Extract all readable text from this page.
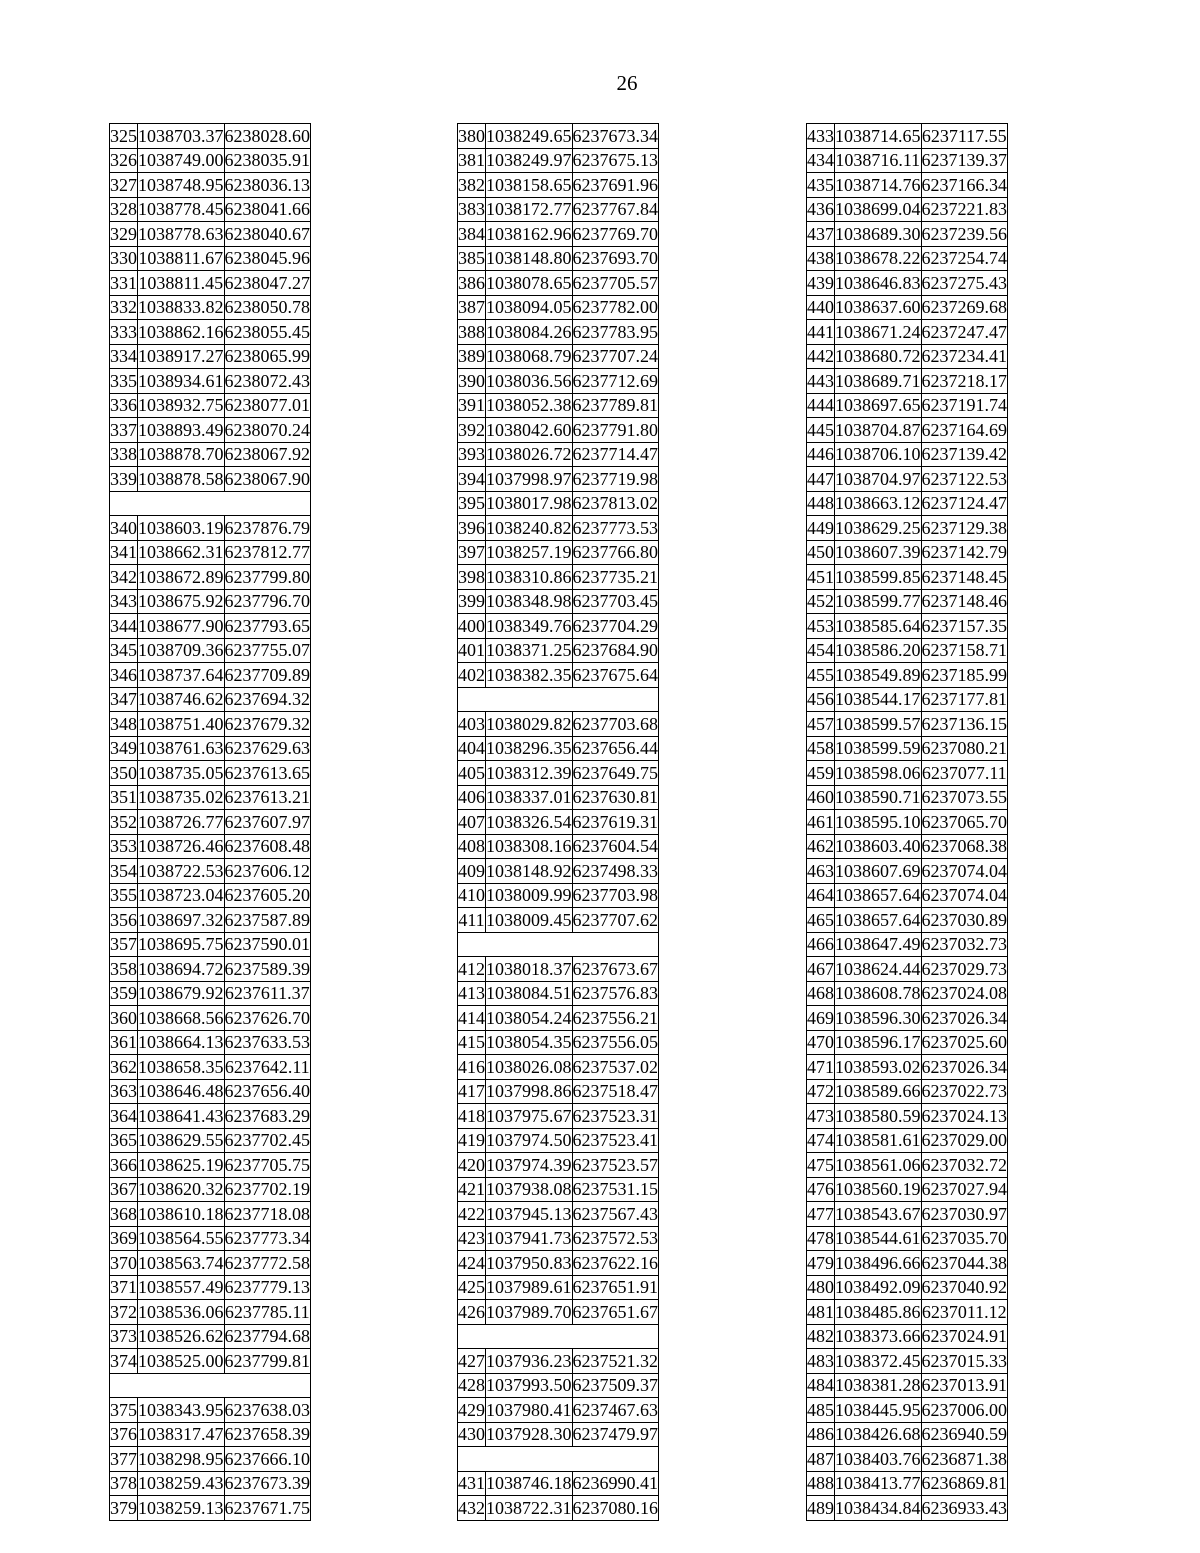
26
325	1038703.37	6238028.60
326	1038749.00	6238035.91
327	1038748.95	6238036.13
328	1038778.45	6238041.66
329	1038778.63	6238040.67
330	1038811.67	6238045.96
331	1038811.45	6238047.27
332	1038833.82	6238050.78
333	1038862.16	6238055.45
334	1038917.27	6238065.99
335	1038934.61	6238072.43
336	1038932.75	6238077.01
337	1038893.49	6238070.24
338	1038878.70	6238067.92
339	1038878.58	6238067.90

340	1038603.19	6237876.79
341	1038662.31	6237812.77
342	1038672.89	6237799.80
343	1038675.92	6237796.70
344	1038677.90	6237793.65
345	1038709.36	6237755.07
346	1038737.64	6237709.89
347	1038746.62	6237694.32
348	1038751.40	6237679.32
349	1038761.63	6237629.63
350	1038735.05	6237613.65
351	1038735.02	6237613.21
352	1038726.77	6237607.97
353	1038726.46	6237608.48
354	1038722.53	6237606.12
355	1038723.04	6237605.20
356	1038697.32	6237587.89
357	1038695.75	6237590.01
358	1038694.72	6237589.39
359	1038679.92	6237611.37
360	1038668.56	6237626.70
361	1038664.13	6237633.53
362	1038658.35	6237642.11
363	1038646.48	6237656.40
364	1038641.43	6237683.29
365	1038629.55	6237702.45
366	1038625.19	6237705.75
367	1038620.32	6237702.19
368	1038610.18	6237718.08
369	1038564.55	6237773.34
370	1038563.74	6237772.58
371	1038557.49	6237779.13
372	1038536.06	6237785.11
373	1038526.62	6237794.68
374	1038525.00	6237799.81

375	1038343.95	6237638.03
376	1038317.47	6237658.39
377	1038298.95	6237666.10
378	1038259.43	6237673.39
379	1038259.13	6237671.75
380	1038249.65	6237673.34
381	1038249.97	6237675.13
382	1038158.65	6237691.96
383	1038172.77	6237767.84
384	1038162.96	6237769.70
385	1038148.80	6237693.70
386	1038078.65	6237705.57
387	1038094.05	6237782.00
388	1038084.26	6237783.95
389	1038068.79	6237707.24
390	1038036.56	6237712.69
391	1038052.38	6237789.81
392	1038042.60	6237791.80
393	1038026.72	6237714.47
394	1037998.97	6237719.98
395	1038017.98	6237813.02
396	1038240.82	6237773.53
397	1038257.19	6237766.80
398	1038310.86	6237735.21
399	1038348.98	6237703.45
400	1038349.76	6237704.29
401	1038371.25	6237684.90
402	1038382.35	6237675.64

403	1038029.82	6237703.68
404	1038296.35	6237656.44
405	1038312.39	6237649.75
406	1038337.01	6237630.81
407	1038326.54	6237619.31
408	1038308.16	6237604.54
409	1038148.92	6237498.33
410	1038009.99	6237703.98
411	1038009.45	6237707.62

412	1038018.37	6237673.67
413	1038084.51	6237576.83
414	1038054.24	6237556.21
415	1038054.35	6237556.05
416	1038026.08	6237537.02
417	1037998.86	6237518.47
418	1037975.67	6237523.31
419	1037974.50	6237523.41
420	1037974.39	6237523.57
421	1037938.08	6237531.15
422	1037945.13	6237567.43
423	1037941.73	6237572.53
424	1037950.83	6237622.16
425	1037989.61	6237651.91
426	1037989.70	6237651.67

427	1037936.23	6237521.32
428	1037993.50	6237509.37
429	1037980.41	6237467.63
430	1037928.30	6237479.97

431	1038746.18	6236990.41
432	1038722.31	6237080.16
433	1038714.65	6237117.55
434	1038716.11	6237139.37
435	1038714.76	6237166.34
436	1038699.04	6237221.83
437	1038689.30	6237239.56
438	1038678.22	6237254.74
439	1038646.83	6237275.43
440	1038637.60	6237269.68
441	1038671.24	6237247.47
442	1038680.72	6237234.41
443	1038689.71	6237218.17
444	1038697.65	6237191.74
445	1038704.87	6237164.69
446	1038706.10	6237139.42
447	1038704.97	6237122.53
448	1038663.12	6237124.47
449	1038629.25	6237129.38
450	1038607.39	6237142.79
451	1038599.85	6237148.45
452	1038599.77	6237148.46
453	1038585.64	6237157.35
454	1038586.20	6237158.71
455	1038549.89	6237185.99
456	1038544.17	6237177.81
457	1038599.57	6237136.15
458	1038599.59	6237080.21
459	1038598.06	6237077.11
460	1038590.71	6237073.55
461	1038595.10	6237065.70
462	1038603.40	6237068.38
463	1038607.69	6237074.04
464	1038657.64	6237074.04
465	1038657.64	6237030.89
466	1038647.49	6237032.73
467	1038624.44	6237029.73
468	1038608.78	6237024.08
469	1038596.30	6237026.34
470	1038596.17	6237025.60
471	1038593.02	6237026.34
472	1038589.66	6237022.73
473	1038580.59	6237024.13
474	1038581.61	6237029.00
475	1038561.06	6237032.72
476	1038560.19	6237027.94
477	1038543.67	6237030.97
478	1038544.61	6237035.70
479	1038496.66	6237044.38
480	1038492.09	6237040.92
481	1038485.86	6237011.12
482	1038373.66	6237024.91
483	1038372.45	6237015.33
484	1038381.28	6237013.91
485	1038445.95	6237006.00
486	1038426.68	6236940.59
487	1038403.76	6236871.38
488	1038413.77	6236869.81
489	1038434.84	6236933.43
